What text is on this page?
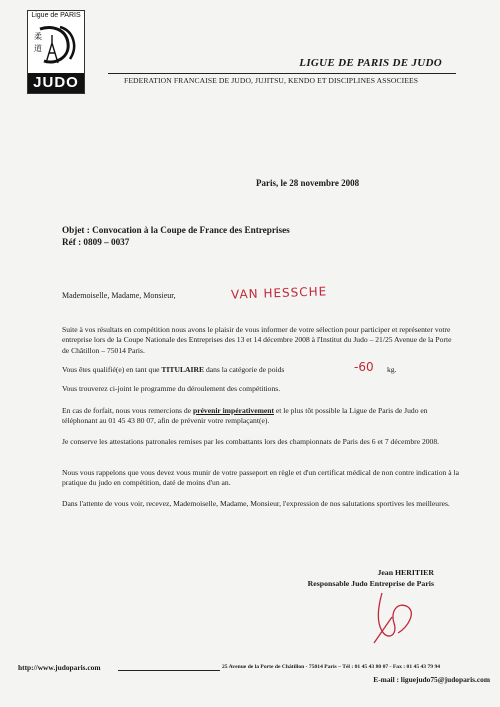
Ligue de PARIS
柔
道
JUDO
LIGUE DE PARIS DE JUDO
FEDERATION FRANCAISE DE JUDO, JUJITSU, KENDO ET DISCIPLINES ASSOCIEES
Paris, le 28 novembre 2008
Objet : Convocation à la Coupe de France des Entreprises
Réf : 0809 – 0037
Mademoiselle, Madame, Monsieur,	VAN HESSCHE
Suite à vos résultats en compétition nous avons le plaisir de vous informer de votre sélection pour participer et représenter votre entreprise lors de la Coupe Nationale des Entreprises des 13 et 14 décembre 2008 à l'Institut du Judo – 21/25 Avenue de la Porte de Châtillon – 75014 Paris.
Vous êtes qualifié(e) en tant que TITULAIRE dans la catégorie de poids	-60 kg.
Vous trouverez ci-joint le programme du déroulement des compétitions.
En cas de forfait, nous vous remercions de prévenir impérativement et le plus tôt possible la Ligue de Paris de Judo en téléphonant au 01 45 43 80 07, afin de prévenir votre remplaçant(e).
Je conserve les attestations patronales remises par les combattants lors des championnats de Paris des 6 et 7 décembre 2008.
Nous vous rappelons que vous devez vous munir de votre passeport en règle et d'un certificat médical de non contre indication à la pratique du judo en compétition, daté de moins d'un an.
Dans l'attente de vous voir, recevez, Mademoiselle, Madame, Monsieur, l'expression de nos salutations sportives les meilleures.
Jean HERITIER
Responsable Judo Entreprise de Paris
http://www.judoparis.com	25 Avenue de la Porte de Châtillon - 75014 Paris – Tél : 01 45 43 80 07 - Fax : 01 45 43 79 94
E-mail : liguejudo75@judoparis.com
